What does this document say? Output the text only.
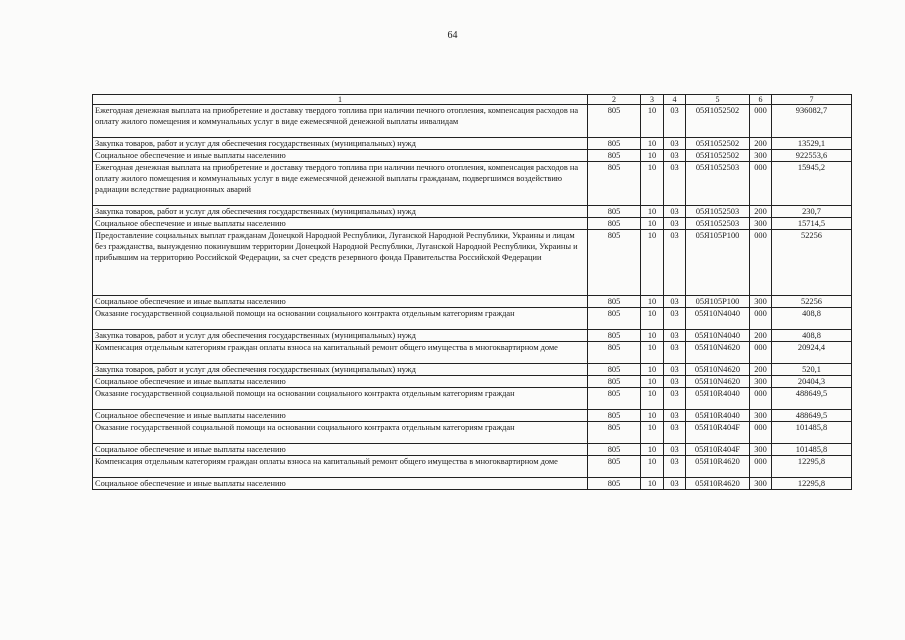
64
1	2	3	4	5	6	7
Ежегодная денежная выплата на приобретение и доставку твердого топлива при наличии печного отопления, компенсация расходов на оплату жилого помещения и коммунальных услуг в виде ежемесячной денежной выплаты инвалидам	805	10	03	05Я1052502	000	936082,7
Закупка товаров, работ и услуг для обеспечения государственных (муниципальных) нужд	805	10	03	05Я1052502	200	13529,1
Социальное обеспечение и иные выплаты населению	805	10	03	05Я1052502	300	922553,6
Ежегодная денежная выплата на приобретение и доставку твердого топлива при наличии печного отопления, компенсация расходов на оплату жилого помещения и коммунальных услуг в виде ежемесячной денежной выплаты гражданам, подвергшимся воздействию радиации вследствие радиационных аварий	805	10	03	05Я1052503	000	15945,2
Закупка товаров, работ и услуг для обеспечения государственных (муниципальных) нужд	805	10	03	05Я1052503	200	230,7
Социальное обеспечение и иные выплаты населению	805	10	03	05Я1052503	300	15714,5
Предоставление социальных выплат гражданам Донецкой Народной Республики, Луганской Народной Республики, Украины и лицам без гражданства, вынужденно покинувшим территории Донецкой Народной Республики, Луганской Народной Республики, Украины и прибывшим на территорию Российской Федерации, за счет средств резервного фонда Правительства Российской Федерации	805	10	03	05Я105Р100	000	52256
Социальное обеспечение и иные выплаты населению	805	10	03	05Я105Р100	300	52256
Оказание государственной социальной помощи на основании социального контракта отдельным категориям граждан	805	10	03	05Я10N4040	000	408,8
Закупка товаров, работ и услуг для обеспечения государственных (муниципальных) нужд	805	10	03	05Я10N4040	200	408,8
Компенсация отдельным категориям граждан оплаты взноса на капитальный ремонт общего имущества в многоквартирном доме	805	10	03	05Я10N4620	000	20924,4
Закупка товаров, работ и услуг для обеспечения государственных (муниципальных) нужд	805	10	03	05Я10N4620	200	520,1
Социальное обеспечение и иные выплаты населению	805	10	03	05Я10N4620	300	20404,3
Оказание государственной социальной помощи на основании социального контракта отдельным категориям граждан	805	10	03	05Я10R4040	000	488649,5
Социальное обеспечение и иные выплаты населению	805	10	03	05Я10R4040	300	488649,5
Оказание государственной социальной помощи на основании социального контракта отдельным категориям граждан	805	10	03	05Я10R404F	000	101485,8
Социальное обеспечение и иные выплаты населению	805	10	03	05Я10R404F	300	101485,8
Компенсация отдельным категориям граждан оплаты взноса на капитальный ремонт общего имущества в многоквартирном доме	805	10	03	05Я10R4620	000	12295,8
Социальное обеспечение и иные выплаты населению	805	10	03	05Я10R4620	300	12295,8
